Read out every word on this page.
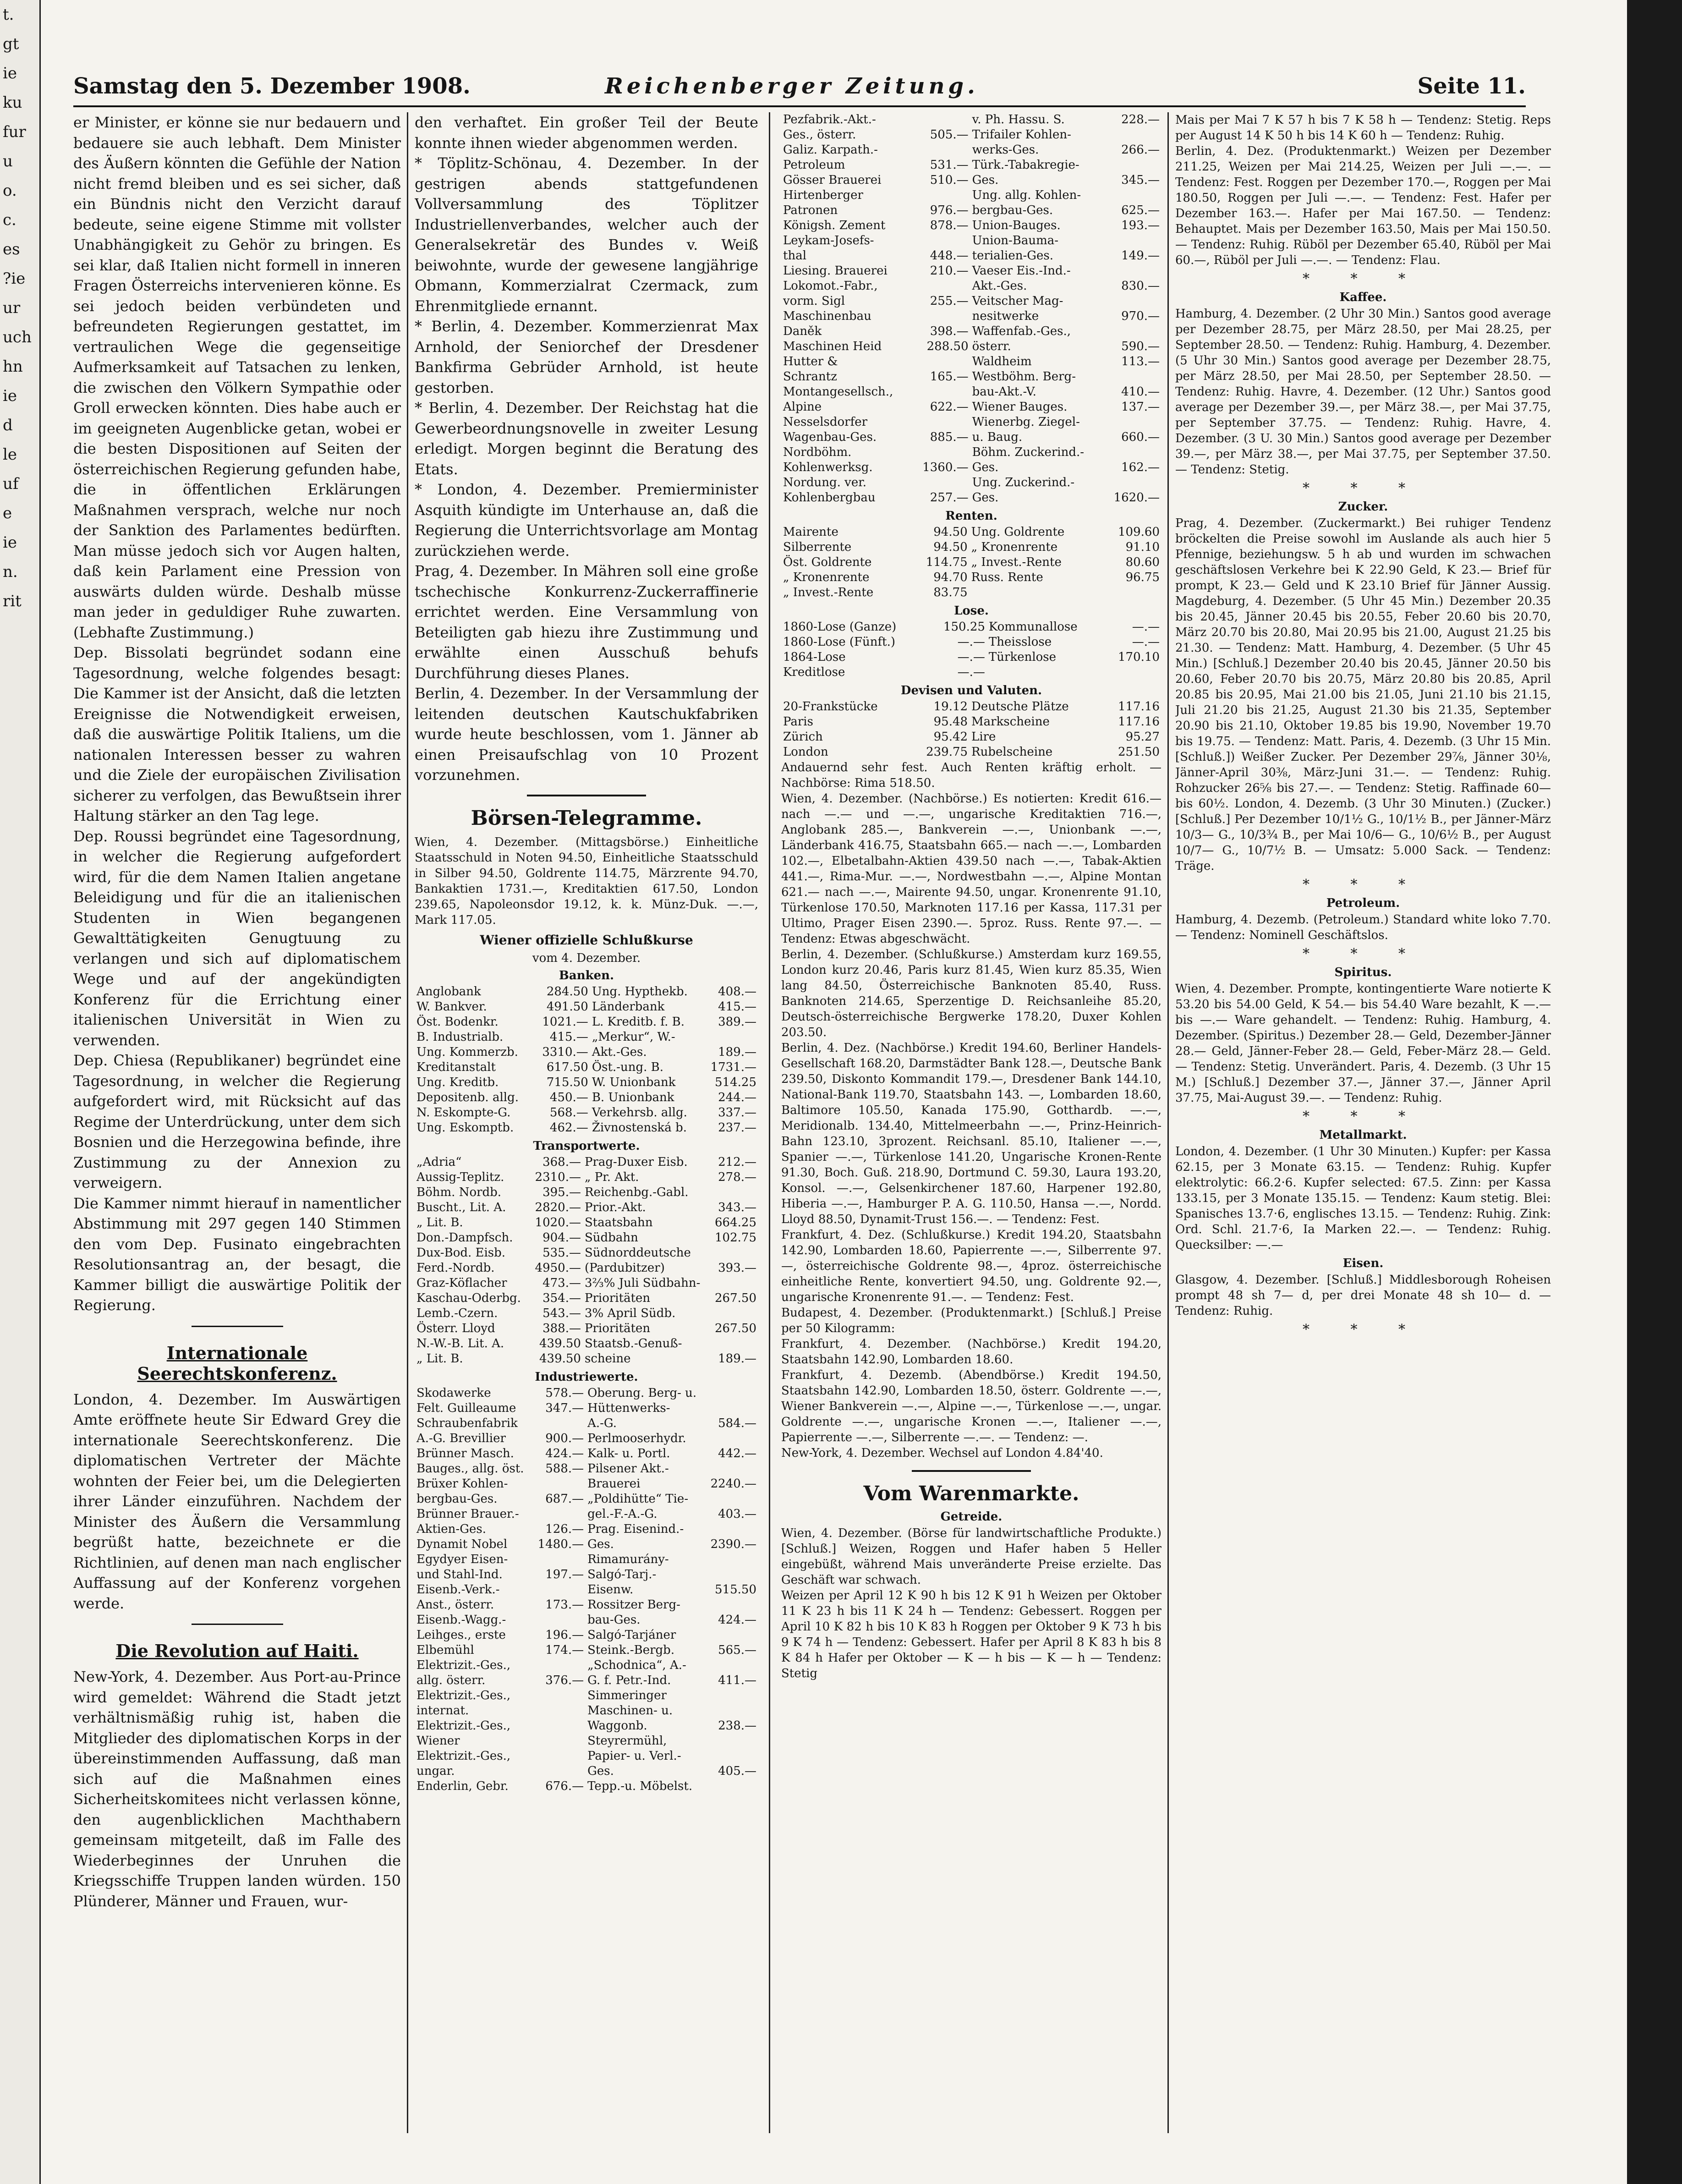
t.
gt
ie
ku
fur
u
o.
c.
es
?ie
ur
uch
hn
ie
d
le
uf
e
ie
n.
rit
Samstag den 5. Dezember 1908.	Reichenberger Zeitung.	Seite 11.

er Minister, er könne sie nur bedauern und bedauere sie auch lebhaft. Dem Minister des Äußern könnten die Gefühle der Nation nicht fremd bleiben und es sei sicher, daß ein Bündnis nicht den Verzicht darauf bedeute, seine eigene Stimme mit vollster Unabhängigkeit zu Gehör zu bringen. Es sei klar, daß Italien nicht formell in inneren Fragen Österreichs intervenieren könne. Es sei jedoch beiden verbündeten und befreundeten Regierungen gestattet, im vertraulichen Wege die gegenseitige Aufmerksamkeit auf Tatsachen zu lenken, die zwischen den Völkern Sympathie oder Groll erwecken könnten. Dies habe auch er im geeigneten Augenblicke getan, wobei er die besten Dispositionen auf Seiten der österreichischen Regierung gefunden habe, die in öffentlichen Erklärungen Maßnahmen versprach, welche nur noch der Sanktion des Parlamentes bedürften. Man müsse jedoch sich vor Augen halten, daß kein Parlament eine Pression von auswärts dulden würde. Deshalb müsse man jeder in geduldiger Ruhe zuwarten. (Lebhafte Zustimmung.)

Dep. Bissolati begründet sodann eine Tagesordnung, welche folgendes besagt: Die Kammer ist der Ansicht, daß die letzten Ereignisse die Notwendigkeit erweisen, daß die auswärtige Politik Italiens, um die nationalen Interessen besser zu wahren und die Ziele der europäischen Zivilisation sicherer zu verfolgen, das Bewußtsein ihrer Haltung stärker an den Tag lege.

Dep. Roussi begründet eine Tagesordnung, in welcher die Regierung aufgefordert wird, für die dem Namen Italien angetane Beleidigung und für die an italienischen Studenten in Wien begangenen Gewalttätigkeiten Genugtuung zu verlangen und sich auf diplomatischem Wege und auf der angekündigten Konferenz für die Errichtung einer italienischen Universität in Wien zu verwenden.

Dep. Chiesa (Republikaner) begründet eine Tagesordnung, in welcher die Regierung aufgefordert wird, mit Rücksicht auf das Regime der Unterdrückung, unter dem sich Bosnien und die Herzegowina befinde, ihre Zustimmung zu der Annexion zu verweigern.

Die Kammer nimmt hierauf in namentlicher Abstimmung mit 297 gegen 140 Stimmen den vom Dep. Fusinato eingebrachten Resolutionsantrag an, der besagt, die Kammer billigt die auswärtige Politik der Regierung.

Internationale Seerechtskonferenz.

London, 4. Dezember. Im Auswärtigen Amte eröffnete heute Sir Edward Grey die internationale Seerechtskonferenz. Die diplomatischen Vertreter der Mächte wohnten der Feier bei, um die Delegierten ihrer Länder einzuführen. Nachdem der Minister des Äußern die Versammlung begrüßt hatte, bezeichnete er die Richtlinien, auf denen man nach englischer Auffassung auf der Konferenz vorgehen werde.

Die Revolution auf Haiti.

New-York, 4. Dezember. Aus Port-au-Prince wird gemeldet: Während die Stadt jetzt verhältnismäßig ruhig ist, haben die Mitglieder des diplomatischen Korps in der übereinstimmenden Auffassung, daß man sich auf die Maßnahmen eines Sicherheitskomitees nicht verlassen könne, den augenblicklichen Machthabern gemeinsam mitgeteilt, daß im Falle des Wiederbeginnes der Unruhen die Kriegsschiffe Truppen landen würden. 150 Plünderer, Männer und Frauen, wur-

den verhaftet. Ein großer Teil der Beute konnte ihnen wieder abgenommen werden.

* Töplitz-Schönau, 4. Dezember. In der gestrigen abends stattgefundenen Vollversammlung des Töplitzer Industriellenverbandes, welcher auch der Generalsekretär des Bundes v. Weiß beiwohnte, wurde der gewesene langjährige Obmann, Kommerzialrat Czermack, zum Ehrenmitgliede ernannt.

* Berlin, 4. Dezember. Kommerzienrat Max Arnhold, der Seniorchef der Dresdener Bankfirma Gebrüder Arnhold, ist heute gestorben.

* Berlin, 4. Dezember. Der Reichstag hat die Gewerbeordnungsnovelle in zweiter Lesung erledigt. Morgen beginnt die Beratung des Etats.

* London, 4. Dezember. Premierminister Asquith kündigte im Unterhause an, daß die Regierung die Unterrichtsvorlage am Montag zurückziehen werde.

Prag, 4. Dezember. In Mähren soll eine große tschechische Konkurrenz-Zuckerraffinerie errichtet werden. Eine Versammlung von Beteiligten gab hiezu ihre Zustimmung und erwählte einen Ausschuß behufs Durchführung dieses Planes.

Berlin, 4. Dezember. In der Versammlung der leitenden deutschen Kautschukfabriken wurde heute beschlossen, vom 1. Jänner ab einen Preisaufschlag von 10 Prozent vorzunehmen.

Börsen-Telegramme.

Wien, 4. Dezember. (Mittagsbörse.) Einheitliche Staatsschuld in Noten 94.50, Einheitliche Staatsschuld in Silber 94.50, Goldrente 114.75, Märzrente 94.70, Bankaktien 1731.—, Kreditaktien 617.50, London 239.65, Napoleonsdor 19.12, k. k. Münz-Duk. —.—, Mark 117.05.

Wiener offizielle Schlußkurse
vom 4. Dezember.
Banken.
Anglobank	284.50	Ung. Hypthekb.	408.—
W. Bankver.	491.50	Länderbank	415.—
Öst. Bodenkr.	1021.—	L. Kreditb. f. B.	389.—
B. Industrialb.	415.—	„Merkur“, W.-	
Ung. Kommerzb.	3310.—	Akt.-Ges.	189.—
Kreditanstalt	617.50	Öst.-ung. B.	1731.—
Ung. Kreditb.	715.50	W. Unionbank	514.25
Depositenb. allg.	450.—	B. Unionbank	244.—
N. Eskompte-G.	568.—	Verkehrsb. allg.	337.—
Ung. Eskomptb.	462.—	Živnostenská b.	237.—
Transportwerte.
„Adria“	368.—	Prag-Duxer Eisb.	212.—
Aussig-Teplitz.	2310.—	„ Pr. Akt.	278.—
Böhm. Nordb.	395.—	Reichenbg.-Gabl.	
Buscht., Lit. A.	2820.—	Prior.-Akt.	343.—
„ Lit. B.	1020.—	Staatsbahn	664.25
Don.-Dampfsch.	904.—	Südbahn	102.75
Dux-Bod. Eisb.	535.—	Südnorddeutsche	
Ferd.-Nordb.	4950.—	(Pardubitzer)	393.—
Graz-Köflacher	473.—	3⅔% Juli Südbahn-	
Kaschau-Oderbg.	354.—	Prioritäten	267.50
Lemb.-Czern.	543.—	3% April Südb.	
Österr. Lloyd	388.—	Prioritäten	267.50
N.-W.-B. Lit. A.	439.50	Staatsb.-Genuß-	
„ Lit. B.	439.50	scheine	189.—
Industriewerte.
Skodawerke	578.—	Oberung. Berg- u.	
Felt. Guilleaume	347.—	Hüttenwerks-	
Schraubenfabrik		A.-G.	584.—
A.-G. Brevillier	900.—	Perlmooserhydr.	
Brünner Masch.	424.—	Kalk- u. Portl.	442.—
Bauges., allg. öst.	588.—	Pilsener Akt.-	
Brüxer Kohlen-		Brauerei	2240.—
bergbau-Ges.	687.—	„Poldihütte“ Tie-	
Brünner Brauer.-		gel.-F.-A.-G.	403.—
Aktien-Ges.	126.—	Prag. Eisenind.-	
Dynamit Nobel	1480.—	Ges.	2390.—
Egydyer Eisen-		Rimamurány-	
und Stahl-Ind.	197.—	Salgó-Tarj.-	
Eisenb.-Verk.-		Eisenw.	515.50
Anst., österr.	173.—	Rossitzer Berg-	
Eisenb.-Wagg.-		bau-Ges.	424.—
Leihges., erste	196.—	Salgó-Tarjáner	
Elbemühl	174.—	Steink.-Bergb.	565.—
Elektrizit.-Ges.,		„Schodnica“, A.-	
allg. österr.	376.—	G. f. Petr.-Ind.	411.—
Elektrizit.-Ges.,		Simmeringer	
internat.		Maschinen- u.	
Elektrizit.-Ges.,		Waggonb.	238.—
Wiener		Steyrermühl,	
Elektrizit.-Ges.,		Papier- u. Verl.-	
ungar.		Ges.	405.—
Enderlin, Gebr.	676.—	Tepp.-u. Möbelst.	
Pezfabrik.-Akt.-		v. Ph. Hassu. S.	228.—
Ges., österr.	505.—	Trifailer Kohlen-	
Galiz. Karpath.-		werks-Ges.	266.—
Petroleum	531.—	Türk.-Tabakregie-	
Gösser Brauerei	510.—	Ges.	345.—
Hirtenberger		Ung. allg. Kohlen-	
Patronen	976.—	bergbau-Ges.	625.—
Königsh. Zement	878.—	Union-Bauges.	193.—
Leykam-Josefs-		Union-Bauma-	
thal	448.—	terialien-Ges.	149.—
Liesing. Brauerei	210.—	Vaeser Eis.-Ind.-	
Lokomot.-Fabr.,		Akt.-Ges.	830.—
vorm. Sigl	255.—	Veitscher Mag-	
Maschinenbau		nesitwerke	970.—
Daněk	398.—	Waffenfab.-Ges.,	
Maschinen Heid	288.50	österr.	590.—
Hutter &		Waldheim	113.—
Schrantz	165.—	Westböhm. Berg-	
Montangesellsch.,		bau-Akt.-V.	410.—
Alpine	622.—	Wiener Bauges.	137.—
Nesselsdorfer		Wienerbg. Ziegel-	
Wagenbau-Ges.	885.—	u. Baug.	660.—
Nordböhm.		Böhm. Zuckerind.-	
Kohlenwerksg.	1360.—	Ges.	162.—
Nordung. ver.		Ung. Zuckerind.-	
Kohlenbergbau	257.—	Ges.	1620.—
Renten.
Mairente	94.50	Ung. Goldrente	109.60
Silberrente	94.50	„ Kronenrente	91.10
Öst. Goldrente	114.75	„ Invest.-Rente	80.60
„ Kronenrente	94.70	Russ. Rente	96.75
„ Invest.-Rente	83.75		
Lose.
1860-Lose (Ganze)	150.25	Kommunallose	—.—
1860-Lose (Fünft.)	—.—	Theisslose	—.—
1864-Lose	—.—	Türkenlose	170.10
Kreditlose	—.—		
Devisen und Valuten.
20-Frankstücke	19.12	Deutsche Plätze	117.16
Paris	95.48	Markscheine	117.16
Zürich	95.42	Lire	95.27
London	239.75	Rubelscheine	251.50

Andauernd sehr fest. Auch Renten kräftig erholt. — Nachbörse: Rima 518.50.

Wien, 4. Dezember. (Nachbörse.) Es notierten: Kredit 616.— nach —.— und —.—, ungarische Kreditaktien 716.—, Anglobank 285.—, Bankverein —.—, Unionbank —.—, Länderbank 416.75, Staatsbahn 665.— nach —.—, Lombarden 102.—, Elbetalbahn-Aktien 439.50 nach —.—, Tabak-Aktien 441.—, Rima-Mur. —.—, Nordwestbahn —.—, Alpine Montan 621.— nach —.—, Mairente 94.50, ungar. Kronenrente 91.10, Türkenlose 170.50, Marknoten 117.16 per Kassa, 117.31 per Ultimo, Prager Eisen 2390.—. 5proz. Russ. Rente 97.—. — Tendenz: Etwas abgeschwächt.

Berlin, 4. Dezember. (Schlußkurse.) Amsterdam kurz 169.55, London kurz 20.46, Paris kurz 81.45, Wien kurz 85.35, Wien lang 84.50, Österreichische Banknoten 85.40, Russ. Banknoten 214.65, Sperzentige D. Reichsanleihe 85.20, Deutsch-österreichische Bergwerke 178.20, Duxer Kohlen 203.50.

Berlin, 4. Dez. (Nachbörse.) Kredit 194.60, Berliner Handels-Gesellschaft 168.20, Darmstädter Bank 128.—, Deutsche Bank 239.50, Diskonto Kommandit 179.—, Dresdener Bank 144.10, National-Bank 119.70, Staatsbahn 143. —, Lombarden 18.60, Baltimore 105.50, Kanada 175.90, Gotthardb. —.—, Meridionalb. 134.40, Mittelmeerbahn —.—, Prinz-Heinrich-Bahn 123.10, 3prozent. Reichsanl. 85.10, Italiener —.—, Spanier —.—, Türkenlose 141.20, Ungarische Kronen-Rente 91.30, Boch. Guß. 218.90, Dortmund C. 59.30, Laura 193.20, Konsol. —.—, Gelsenkirchener 187.60, Harpener 192.80, Hiberia —.—, Hamburger P. A. G. 110.50, Hansa —.—, Nordd. Lloyd 88.50, Dynamit-Trust 156.—. — Tendenz: Fest.

Frankfurt, 4. Dez. (Schlußkurse.) Kredit 194.20, Staatsbahn 142.90, Lombarden 18.60, Papierrente —.—, Silberrente 97.—, österreichische Goldrente 98.—, 4proz. österreichische einheitliche Rente, konvertiert 94.50, ung. Goldrente 92.—, ungarische Kronenrente 91.—. — Tendenz: Fest.

Budapest, 4. Dezember. (Produktenmarkt.) [Schluß.] Preise per 50 Kilogramm:

Frankfurt, 4. Dezember. (Nachbörse.) Kredit 194.20, Staatsbahn 142.90, Lombarden 18.60.

Frankfurt, 4. Dezemb. (Abendbörse.) Kredit 194.50, Staatsbahn 142.90, Lombarden 18.50, österr. Goldrente —.—, Wiener Bankverein —.—, Alpine —.—, Türkenlose —.—, ungar. Goldrente —.—, ungarische Kronen —.—, Italiener —.—, Papierrente —.—, Silberrente —.—. — Tendenz: —.

New-York, 4. Dezember. Wechsel auf London 4.84'40.

Vom Warenmarkte.
Getreide.

Wien, 4. Dezember. (Börse für landwirtschaftliche Produkte.) [Schluß.] Weizen, Roggen und Hafer haben 5 Heller eingebüßt, während Mais unveränderte Preise erzielte. Das Geschäft war schwach.

Weizen per April 12 K 90 h bis 12 K 91 h Weizen per Oktober 11 K 23 h bis 11 K 24 h — Tendenz: Gebessert. Roggen per April 10 K 82 h bis 10 K 83 h Roggen per Oktober 9 K 73 h bis 9 K 74 h — Tendenz: Gebessert. Hafer per April 8 K 83 h bis 8 K 84 h Hafer per Oktober — K — h bis — K — h — Tendenz: Stetig

Mais per Mai 7 K 57 h bis 7 K 58 h — Tendenz: Stetig. Reps per August 14 K 50 h bis 14 K 60 h — Tendenz: Ruhig.

Berlin, 4. Dez. (Produktenmarkt.) Weizen per Dezember 211.25, Weizen per Mai 214.25, Weizen per Juli —.—. — Tendenz: Fest. Roggen per Dezember 170.—, Roggen per Mai 180.50, Roggen per Juli —.—. — Tendenz: Fest. Hafer per Dezember 163.—. Hafer per Mai 167.50. — Tendenz: Behauptet. Mais per Dezember 163.50, Mais per Mai 150.50. — Tendenz: Ruhig. Rüböl per Dezember 65.40, Rüböl per Mai 60.—, Rüböl per Juli —.—. — Tendenz: Flau.

* * *
Kaffee.

Hamburg, 4. Dezember. (2 Uhr 30 Min.) Santos good average per Dezember 28.75, per März 28.50, per Mai 28.25, per September 28.50. — Tendenz: Ruhig. Hamburg, 4. Dezember. (5 Uhr 30 Min.) Santos good average per Dezember 28.75, per März 28.50, per Mai 28.50, per September 28.50. — Tendenz: Ruhig. Havre, 4. Dezember. (12 Uhr.) Santos good average per Dezember 39.—, per März 38.—, per Mai 37.75, per September 37.75. — Tendenz: Ruhig. Havre, 4. Dezember. (3 U. 30 Min.) Santos good average per Dezember 39.—, per März 38.—, per Mai 37.75, per September 37.50. — Tendenz: Stetig.

* * *
Zucker.

Prag, 4. Dezember. (Zuckermarkt.) Bei ruhiger Tendenz bröckelten die Preise sowohl im Auslande als auch hier 5 Pfennige, beziehungsw. 5 h ab und wurden im schwachen geschäftslosen Verkehre bei K 22.90 Geld, K 23.— Brief für prompt, K 23.— Geld und K 23.10 Brief für Jänner Aussig. Magdeburg, 4. Dezember. (5 Uhr 45 Min.) Dezember 20.35 bis 20.45, Jänner 20.45 bis 20.55, Feber 20.60 bis 20.70, März 20.70 bis 20.80, Mai 20.95 bis 21.00, August 21.25 bis 21.30. — Tendenz: Matt. Hamburg, 4. Dezember. (5 Uhr 45 Min.) [Schluß.] Dezember 20.40 bis 20.45, Jänner 20.50 bis 20.60, Feber 20.70 bis 20.75, März 20.80 bis 20.85, April 20.85 bis 20.95, Mai 21.00 bis 21.05, Juni 21.10 bis 21.15, Juli 21.20 bis 21.25, August 21.30 bis 21.35, September 20.90 bis 21.10, Oktober 19.85 bis 19.90, November 19.70 bis 19.75. — Tendenz: Matt. Paris, 4. Dezemb. (3 Uhr 15 Min. [Schluß.]) Weißer Zucker. Per Dezember 29⅞, Jänner 30⅛, Jänner-April 30⅜, März-Juni 31.—. — Tendenz: Ruhig. Rohzucker 26⅝ bis 27.—. — Tendenz: Stetig. Raffinade 60— bis 60½. London, 4. Dezemb. (3 Uhr 30 Minuten.) (Zucker.) [Schluß.] Per Dezember 10/1½ G., 10/1½ B., per Jänner-März 10/3— G., 10/3¾ B., per Mai 10/6— G., 10/6½ B., per August 10/7— G., 10/7½ B. — Umsatz: 5.000 Sack. — Tendenz: Träge.

* * *
Petroleum.

Hamburg, 4. Dezemb. (Petroleum.) Standard white loko 7.70. — Tendenz: Nominell Geschäftslos.

* * *
Spiritus.

Wien, 4. Dezember. Prompte, kontingentierte Ware notierte K 53.20 bis 54.00 Geld, K 54.— bis 54.40 Ware bezahlt, K —.— bis —.— Ware gehandelt. — Tendenz: Ruhig. Hamburg, 4. Dezember. (Spiritus.) Dezember 28.— Geld, Dezember-Jänner 28.— Geld, Jänner-Feber 28.— Geld, Feber-März 28.— Geld. — Tendenz: Stetig. Unverändert. Paris, 4. Dezemb. (3 Uhr 15 M.) [Schluß.] Dezember 37.—, Jänner 37.—, Jänner April 37.75, Mai-August 39.—. — Tendenz: Ruhig.

* * *
Metallmarkt.

London, 4. Dezember. (1 Uhr 30 Minuten.) Kupfer: per Kassa 62.15, per 3 Monate 63.15. — Tendenz: Ruhig. Kupfer elektrolytic: 66.2·6. Kupfer selected: 67.5. Zinn: per Kassa 133.15, per 3 Monate 135.15. — Tendenz: Kaum stetig. Blei: Spanisches 13.7·6, englisches 13.15. — Tendenz: Ruhig. Zink: Ord. Schl. 21.7·6, Ia Marken 22.—. — Tendenz: Ruhig. Quecksilber: —.—

Eisen.

Glasgow, 4. Dezember. [Schluß.] Middlesborough Roheisen prompt 48 sh 7— d, per drei Monate 48 sh 10— d. — Tendenz: Ruhig.

* * *
